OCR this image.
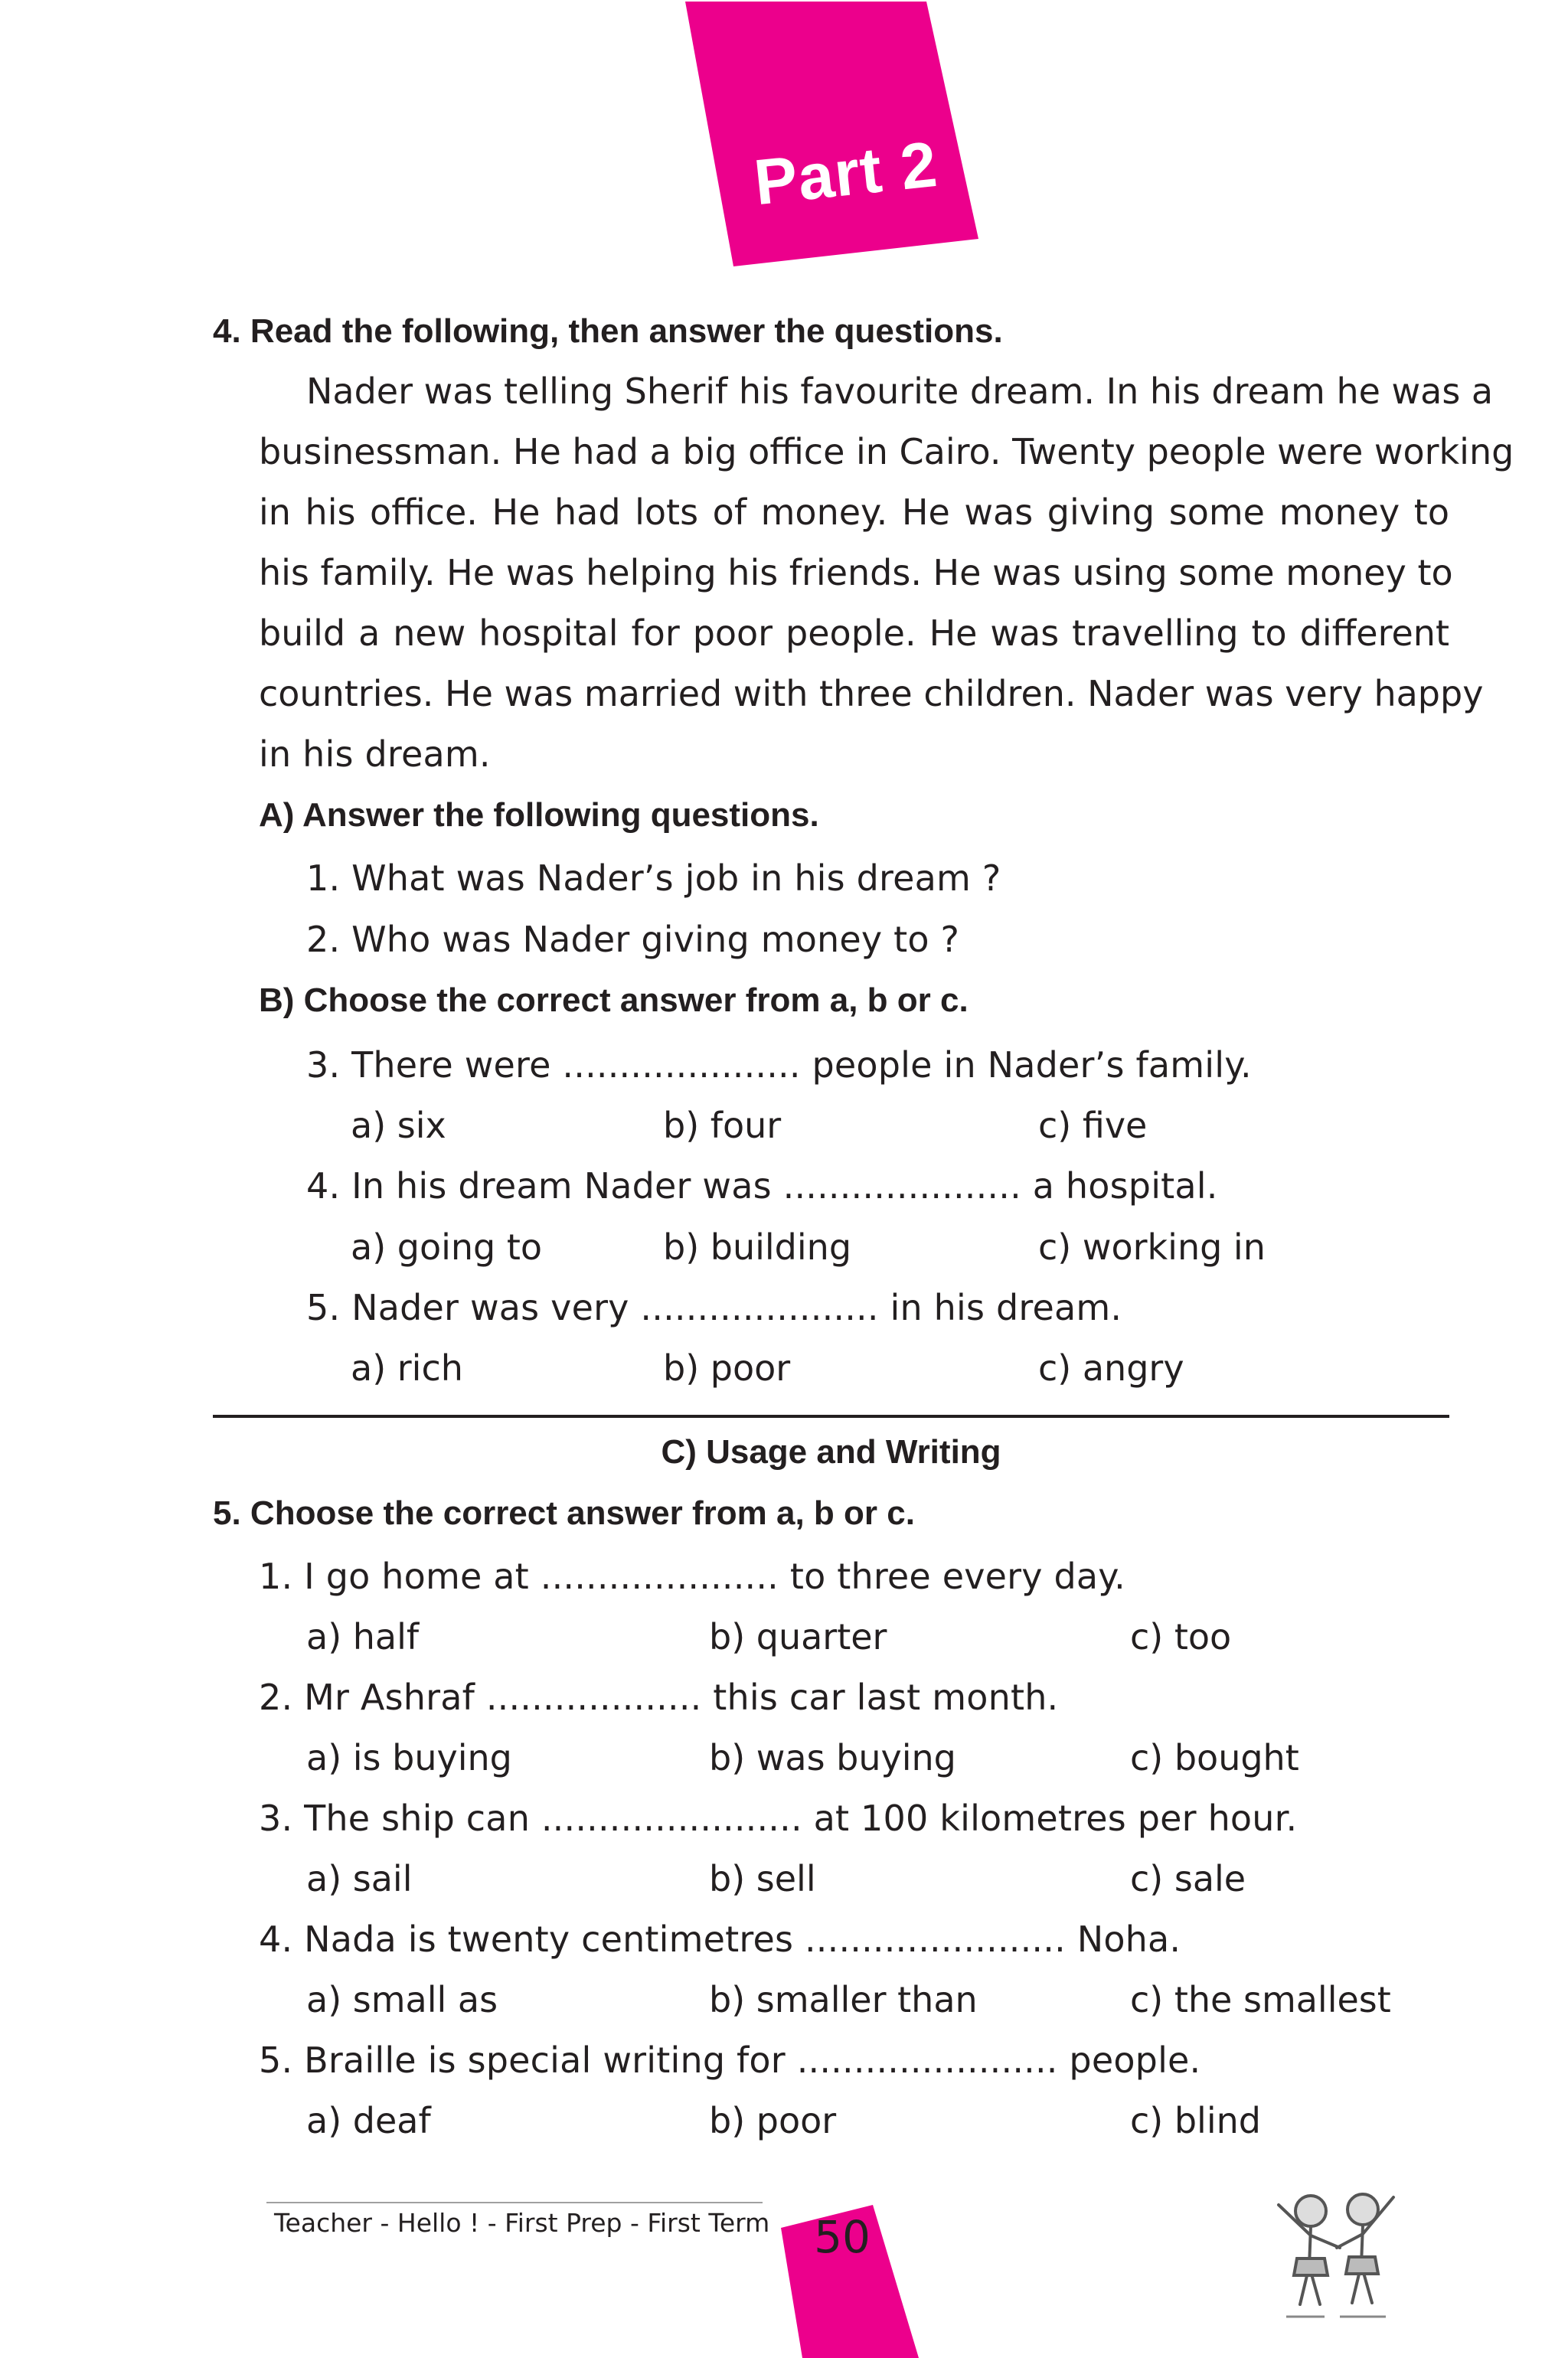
Part 2
4. Read the following, then answer the questions.
Nader was telling Sherif his favourite dream. In his dream he was a
businessman. He had a big office in Cairo. Twenty people were working
in his office. He had lots of money. He was giving some money to
his family. He was helping his friends. He was using some money to
build a new hospital for poor people. He was travelling to different
countries. He was married with three children. Nader was very happy
in his dream.
A) Answer the following questions.
1. What was Nader’s job in his dream ?
2. Who was Nader giving money to ?
B) Choose the correct answer from a, b or c.
3. There were ..................... people in Nader’s family.
a) six	b) four	c) five
4. In his dream Nader was ..................... a hospital.
a) going to	b) building	c) working in
5. Nader was very ..................... in his dream.
a) rich	b) poor	c) angry
C) Usage and Writing
5. Choose the correct answer from a, b or c.
1. I go home at ..................... to three every day.
a) half	b) quarter	c) too
2. Mr Ashraf ................... this car last month.
a) is buying	b) was buying	c) bought
3. The ship can ....................... at 100 kilometres per hour.
a) sail	b) sell	c) sale
4. Nada is twenty centimetres ....................... Noha.
a) small as	b) smaller than	c) the smallest
5. Braille is special writing for ....................... people.
a) deaf	b) poor	c) blind
Teacher - Hello ! - First Prep - First Term 50
